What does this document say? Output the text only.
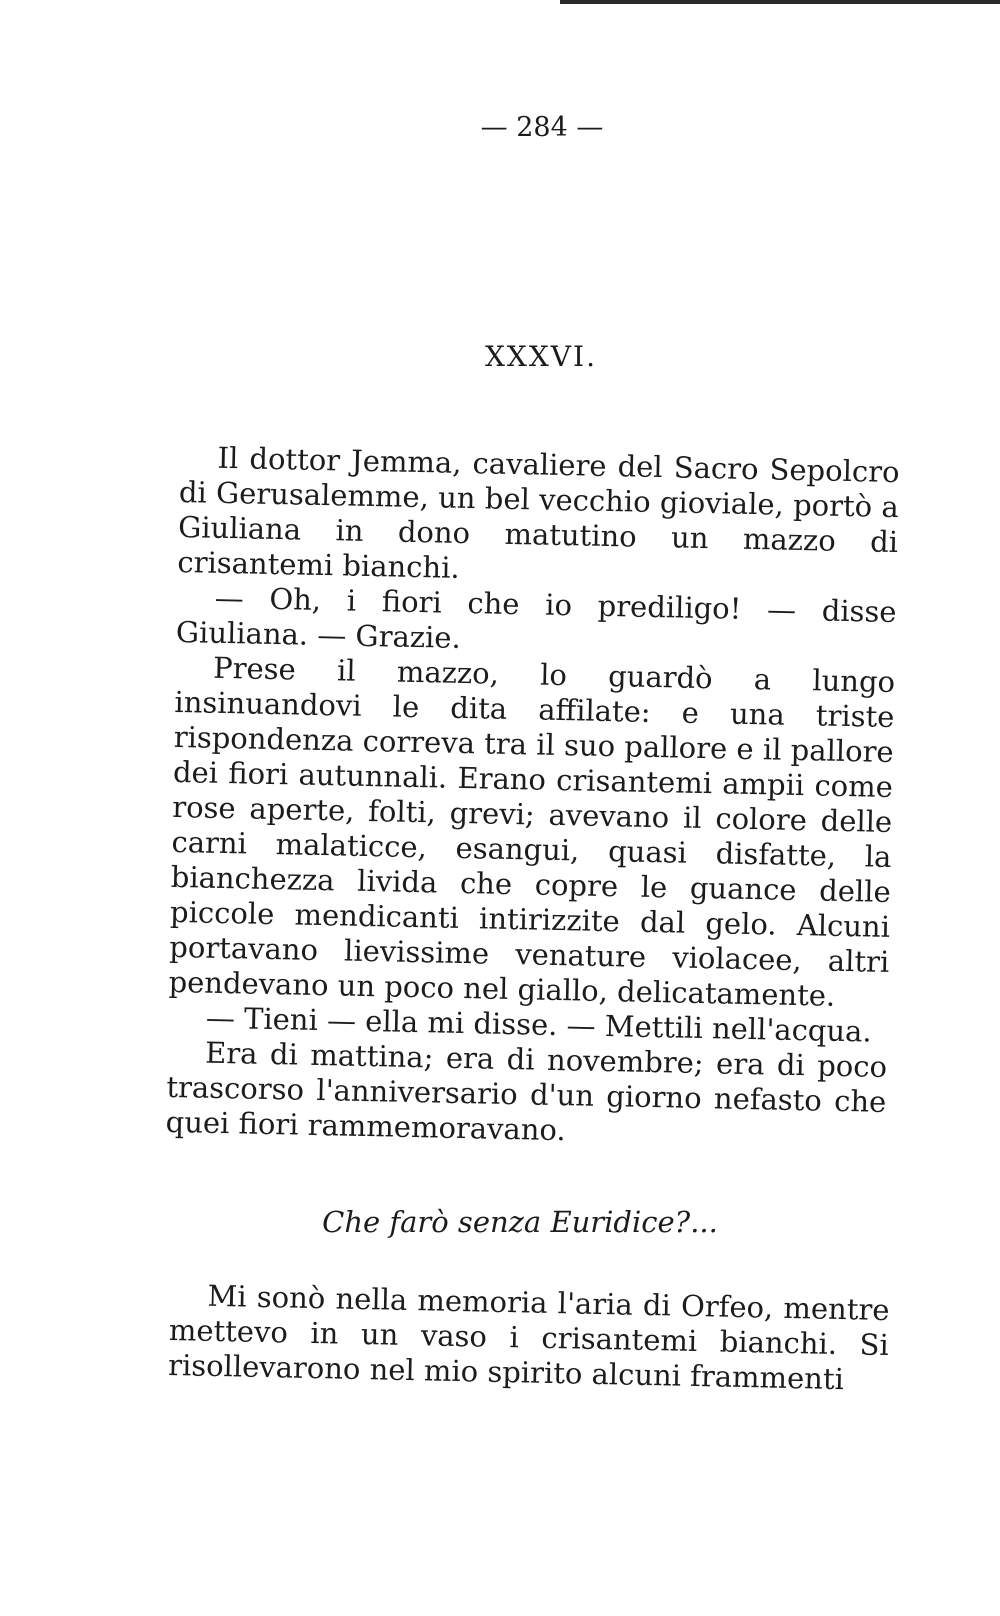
— 284 —
XXXVI.

Il dottor Jemma, cavaliere del Sacro Sepolcro di Gerusalemme, un bel vecchio gioviale, portò a Giuliana in dono matutino un mazzo di crisantemi bianchi.

— Oh, i fiori che io prediligo! — disse Giuliana. — Grazie.

Prese il mazzo, lo guardò a lungo insinuandovi le dita affilate: e una triste rispondenza correva tra il suo pallore e il pallore dei fiori autunnali. Erano crisantemi ampii come rose aperte, folti, grevi; avevano il colore delle carni malaticce, esangui, quasi disfatte, la bianchezza livida che copre le guance delle piccole mendicanti intirizzite dal gelo. Alcuni portavano lievissime venature violacee, altri pendevano un poco nel giallo, delicatamente.

— Tieni — ella mi disse. — Mettili nell'acqua.

Era di mattina; era di novembre; era di poco trascorso l'anniversario d'un giorno nefasto che quei fiori rammemoravano.

Che farò senza Euridice?...

Mi sonò nella memoria l'aria di Orfeo, mentre mettevo in un vaso i crisantemi bianchi. Si risollevarono nel mio spirito alcuni frammenti
